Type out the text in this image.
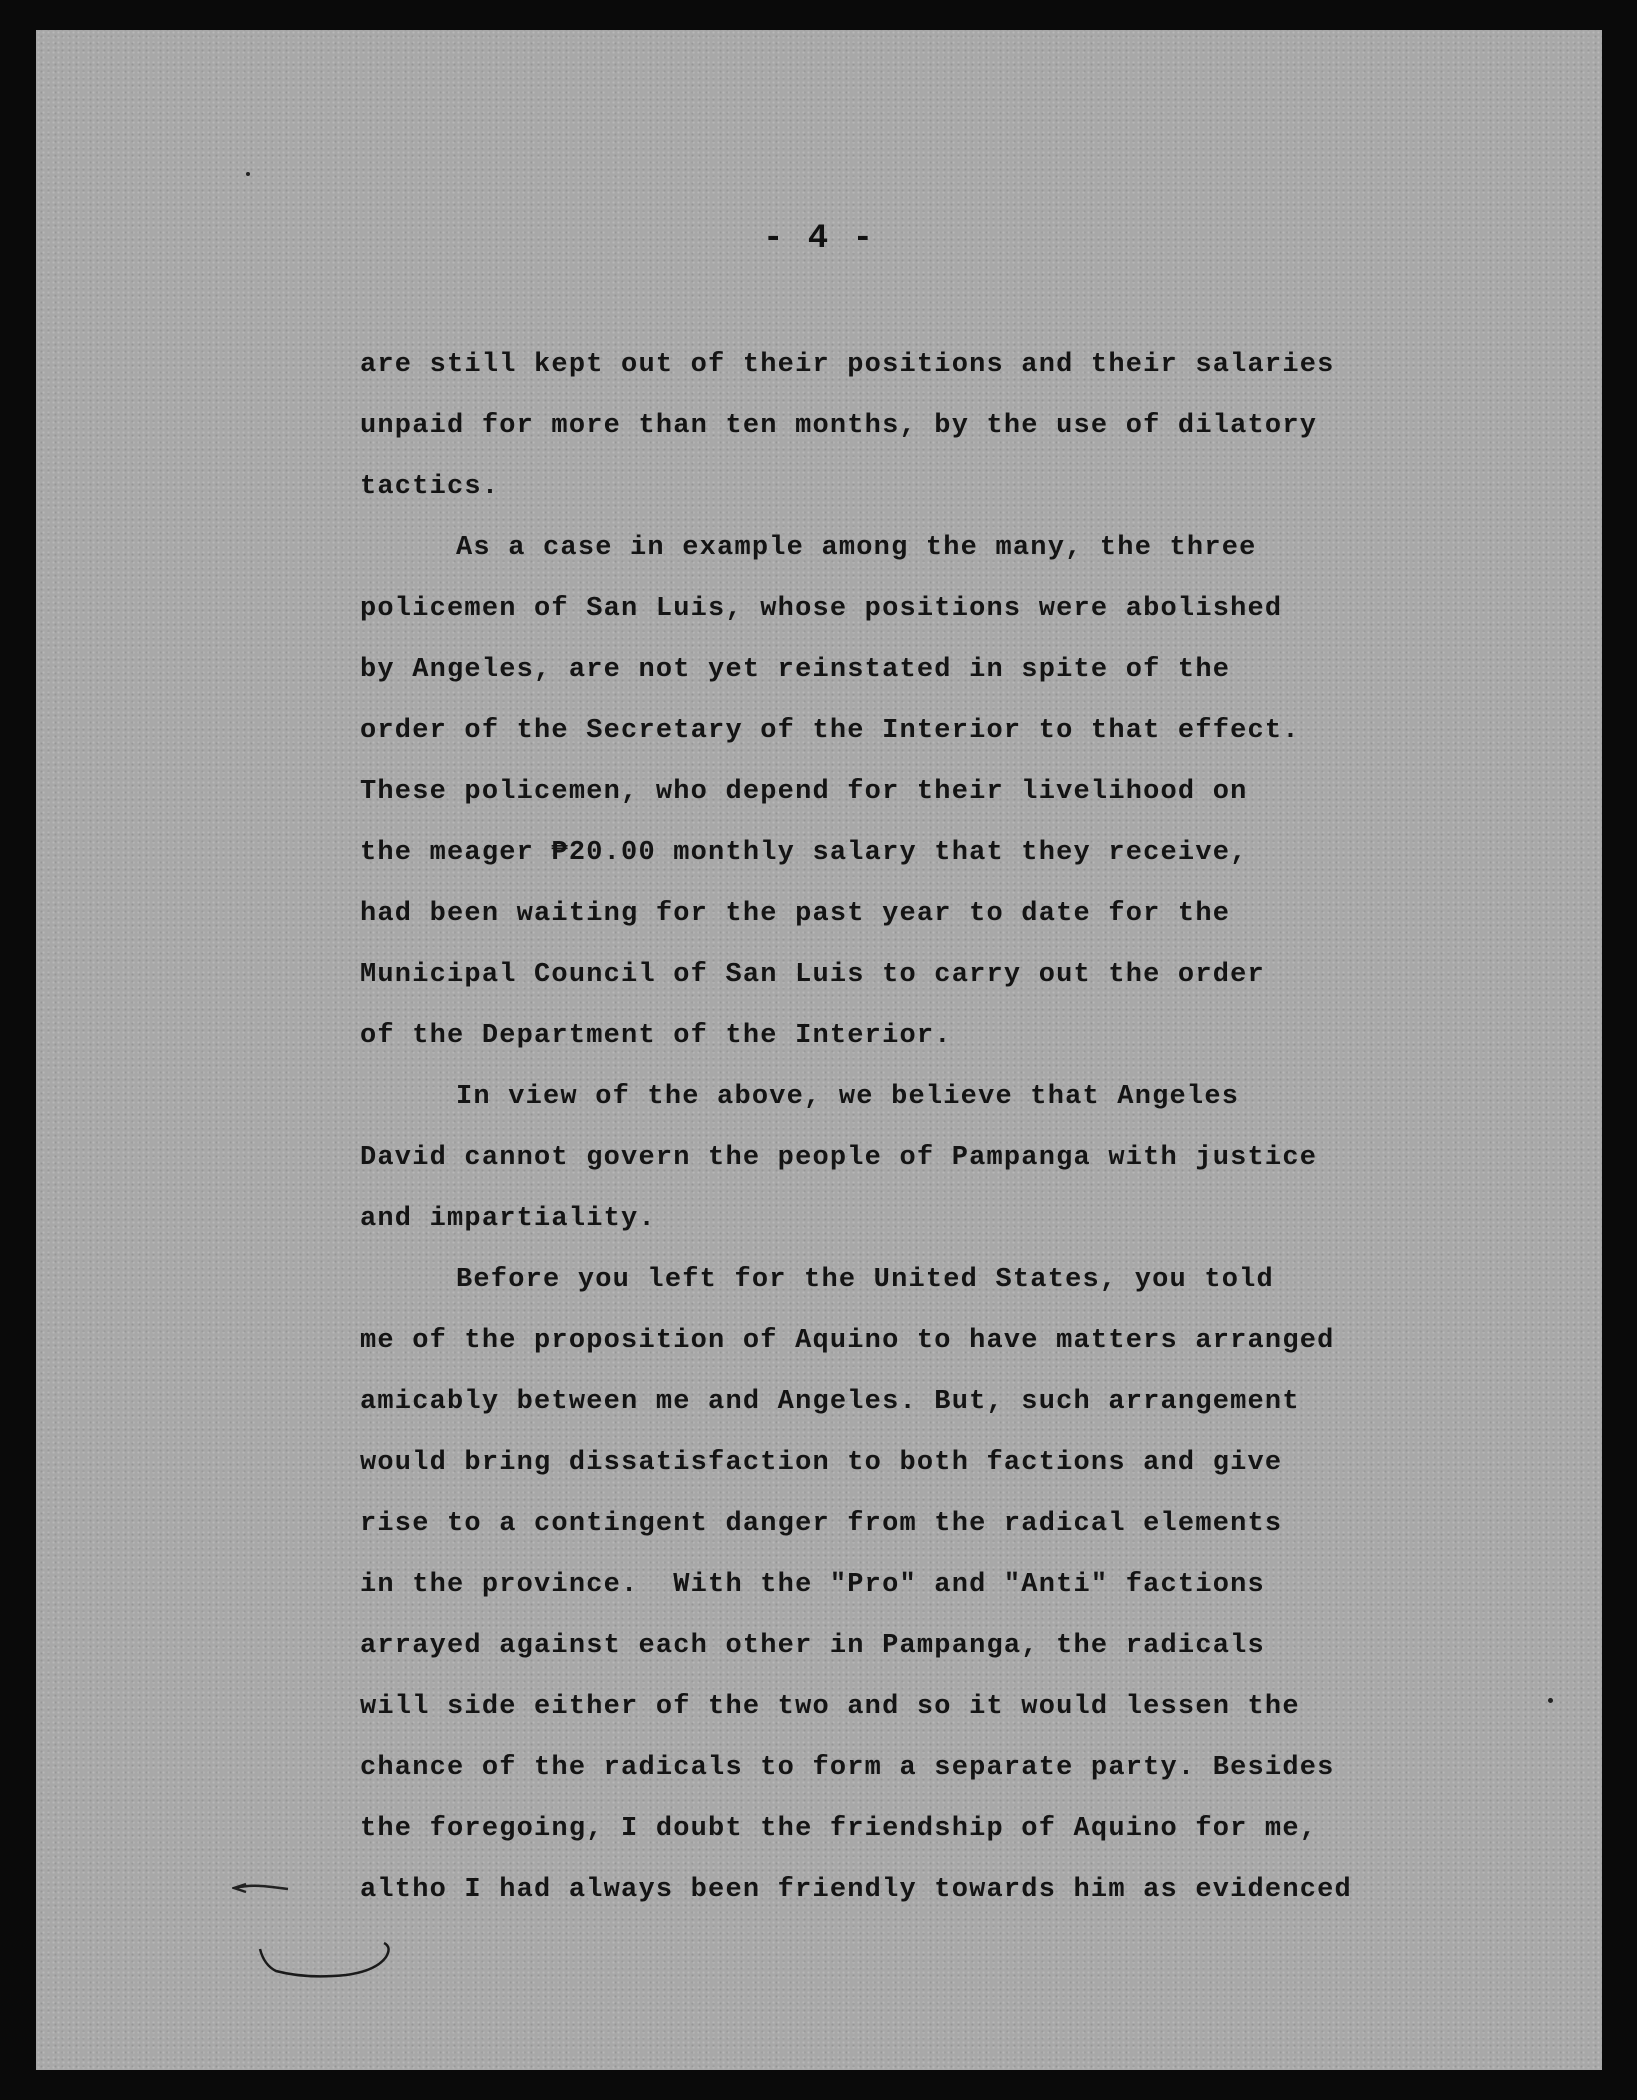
- 4 -
are still kept out of their positions and their salaries
unpaid for more than ten months, by the use of dilatory
tactics.
As a case in example among the many, the three
policemen of San Luis, whose positions were abolished
by Angeles, are not yet reinstated in spite of the
order of the Secretary of the Interior to that effect.
These policemen, who depend for their livelihood on
the meager ₱20.00 monthly salary that they receive,
had been waiting for the past year to date for the
Municipal Council of San Luis to carry out the order
of the Department of the Interior.
In view of the above, we believe that Angeles
David cannot govern the people of Pampanga with justice
and impartiality.
Before you left for the United States, you told
me of the proposition of Aquino to have matters arranged
amicably between me and Angeles. But, such arrangement
would bring dissatisfaction to both factions and give
rise to a contingent danger from the radical elements
in the province.  With the "Pro" and "Anti" factions
arrayed against each other in Pampanga, the radicals
will side either of the two and so it would lessen the
chance of the radicals to form a separate party. Besides
the foregoing, I doubt the friendship of Aquino for me,
altho I had always been friendly towards him as evidenced
